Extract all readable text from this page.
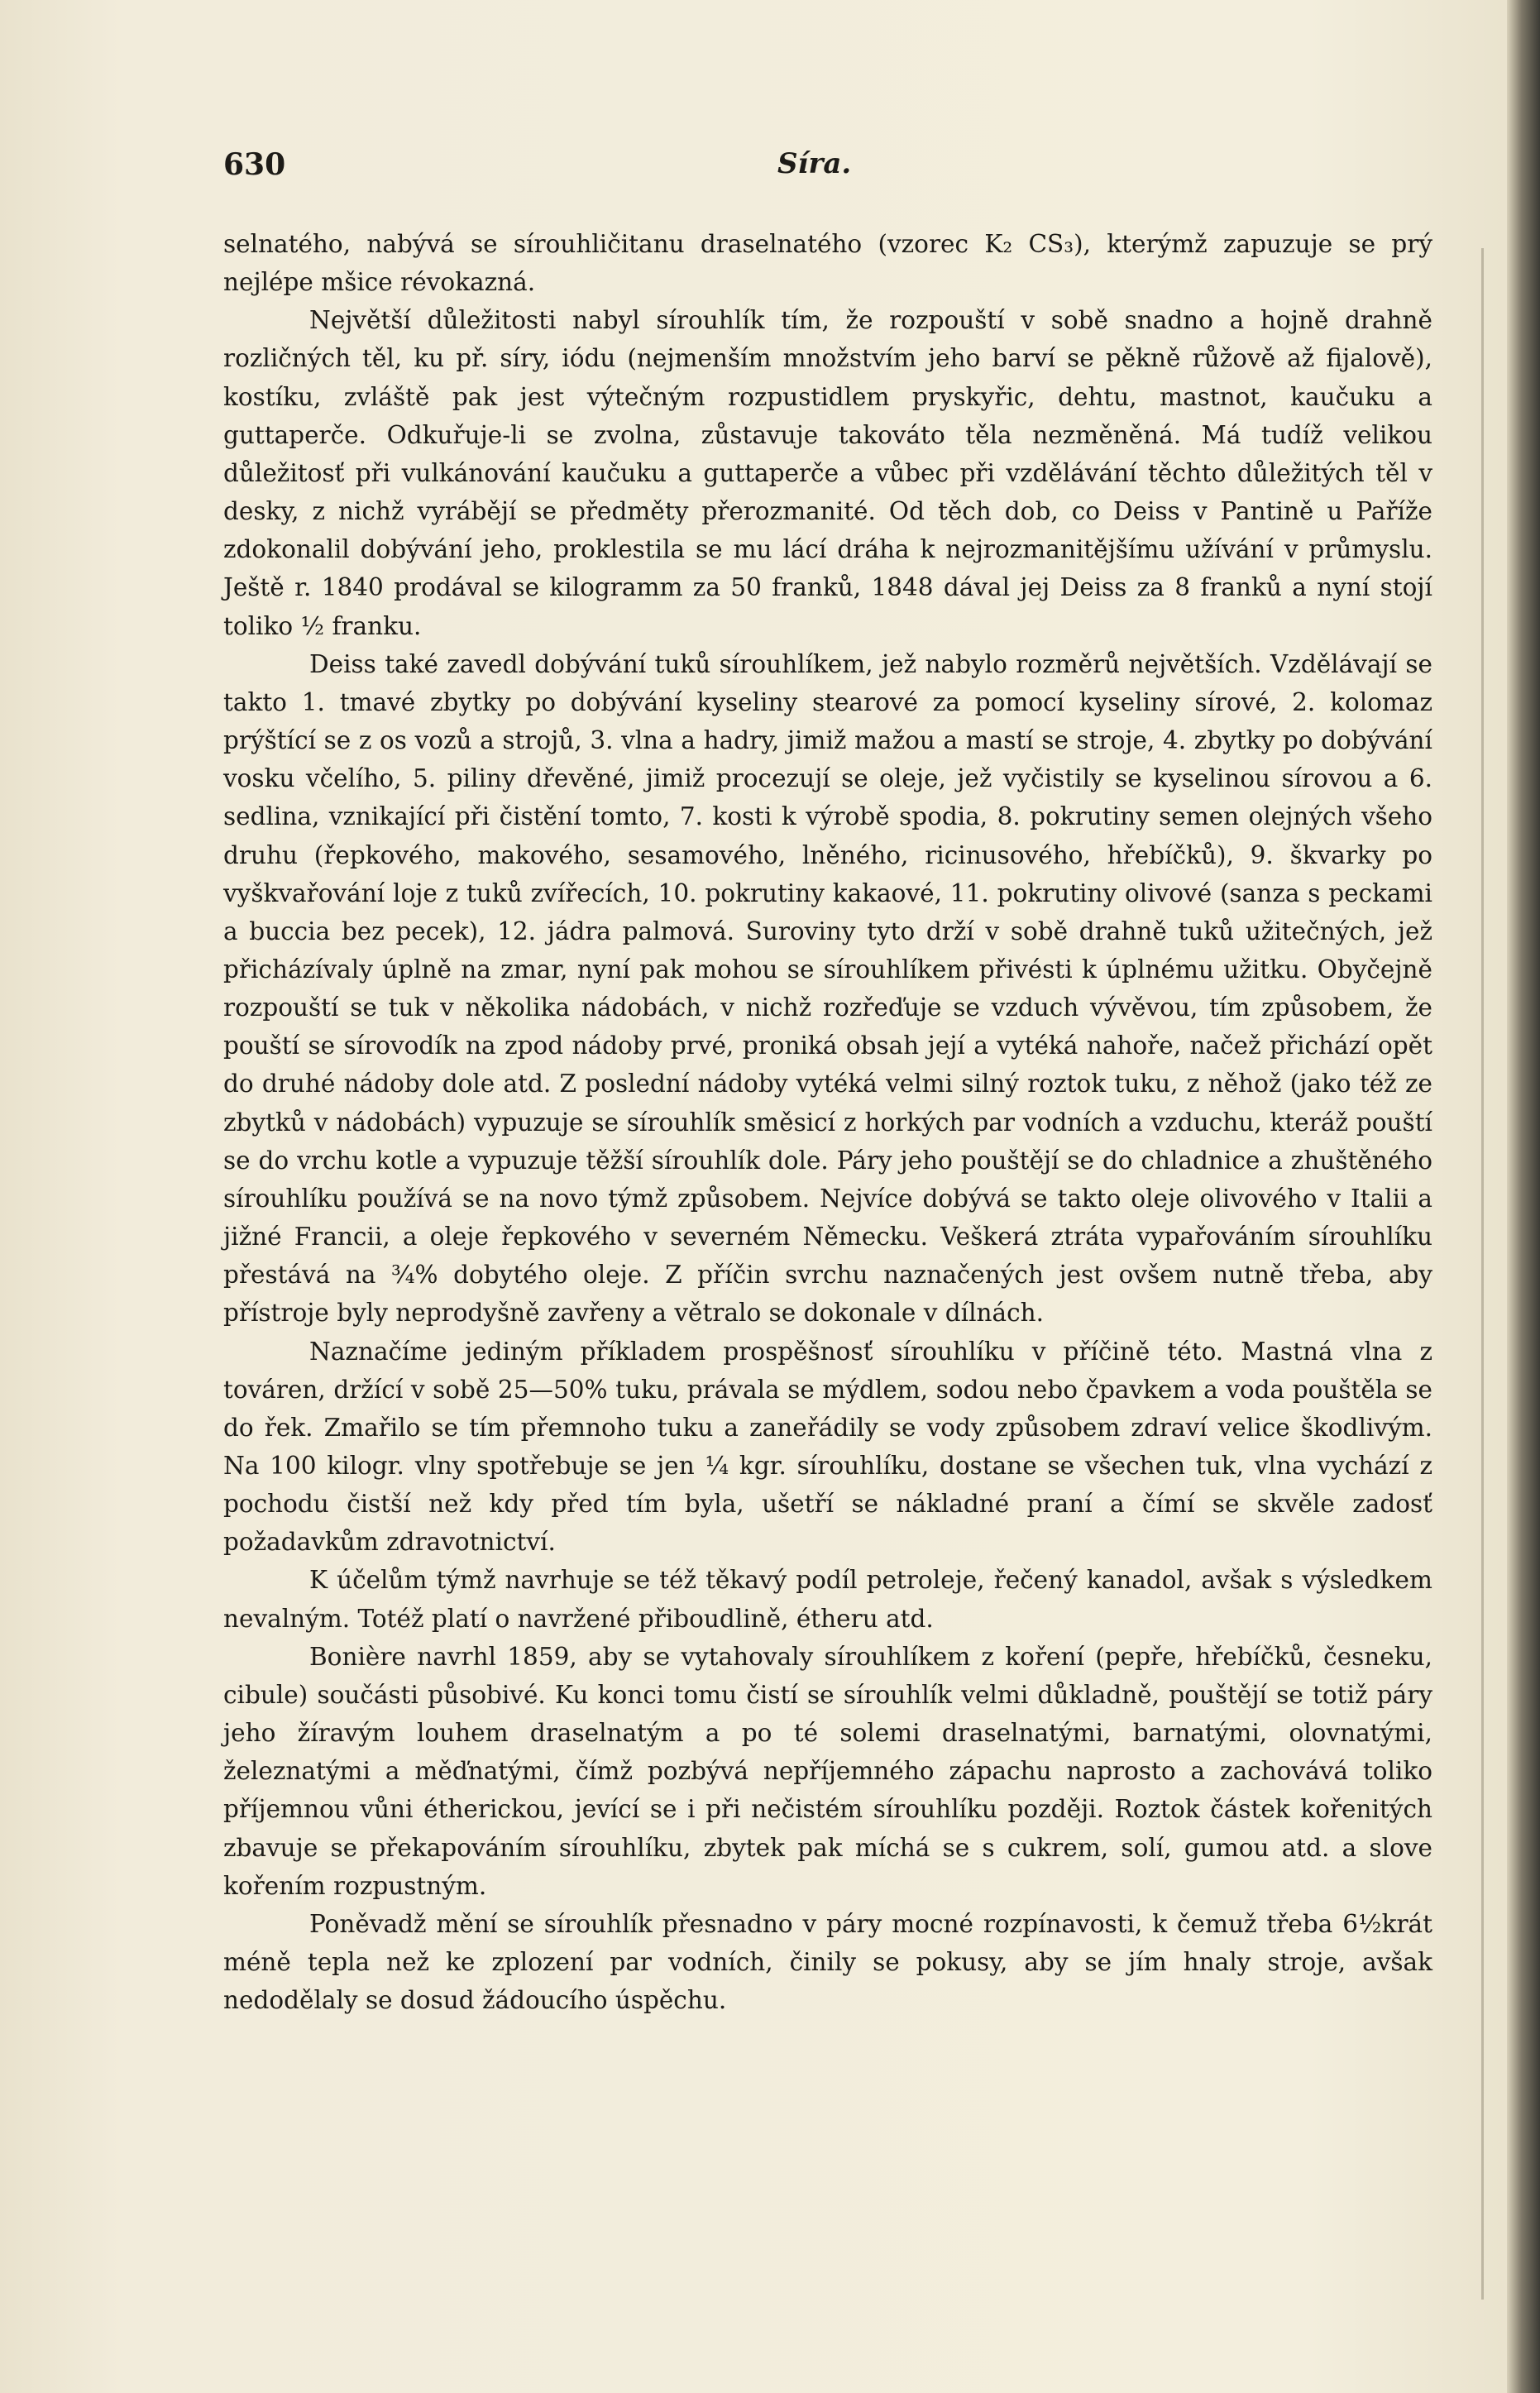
630	Síra.

selnatého, nabývá se sírouhličitanu draselnatého (vzorec K₂ CS₃), kterýmž zapuzuje se prý nejlépe mšice révokazná.

Největší důležitosti nabyl sírouhlík tím, že rozpouští v sobě snadno a hojně drahně rozličných těl, ku př. síry, iódu (nejmenším množstvím jeho barví se pěkně růžově až fijalově), kostíku, zvláště pak jest výtečným rozpustidlem pryskyřic, dehtu, mastnot, kaučuku a guttaperče. Odkuřuje-li se zvolna, zůstavuje takováto těla nezměněná. Má tudíž velikou důležitosť při vulkánování kaučuku a guttaperče a vůbec při vzdělávání těchto důležitých těl v desky, z nichž vyrábějí se předměty přerozmanité. Od těch dob, co Deiss v Pantině u Paříže zdokonalil dobývání jeho, proklestila se mu lácí dráha k nejrozmanitějšímu užívání v průmyslu. Ještě r. 1840 prodával se kilogramm za 50 franků, 1848 dával jej Deiss za 8 franků a nyní stojí toliko ½ franku.

Deiss také zavedl dobývání tuků sírouhlíkem, jež nabylo rozměrů největších. Vzdělávají se takto 1. tmavé zbytky po dobývání kyseliny stearové za pomocí kyseliny sírové, 2. kolomaz prýštící se z os vozů a strojů, 3. vlna a hadry, jimiž mažou a mastí se stroje, 4. zbytky po dobývání vosku včelího, 5. piliny dřevěné, jimiž procezují se oleje, jež vyčistily se kyselinou sírovou a 6. sedlina, vznikající při čistění tomto, 7. kosti k výrobě spodia, 8. pokrutiny semen olejných všeho druhu (řepkového, makového, sesamového, lněného, ricinusového, hřebíčků), 9. škvarky po vyškvařování loje z tuků zvířecích, 10. pokrutiny kakaové, 11. pokrutiny olivové (sanza s peckami a buccia bez pecek), 12. jádra palmová. Suroviny tyto drží v sobě drahně tuků užitečných, jež přicházívaly úplně na zmar, nyní pak mohou se sírouhlíkem přivésti k úplnému užitku. Obyčejně rozpouští se tuk v několika nádobách, v nichž rozřeďuje se vzduch vývěvou, tím způsobem, že pouští se sírovodík na zpod nádoby prvé, proniká obsah její a vytéká nahoře, načež přichází opět do druhé nádoby dole atd. Z poslední nádoby vytéká velmi silný roztok tuku, z něhož (jako též ze zbytků v nádobách) vypuzuje se sírouhlík směsicí z horkých par vodních a vzduchu, kteráž pouští se do vrchu kotle a vypuzuje těžší sírouhlík dole. Páry jeho pouštějí se do chladnice a zhuštěného sírouhlíku používá se na novo týmž způsobem. Nejvíce dobývá se takto oleje olivového v Italii a jižné Francii, a oleje řepkového v severném Německu. Veškerá ztráta vypařováním sírouhlíku přestává na ¾% dobytého oleje. Z příčin svrchu naznačených jest ovšem nutně třeba, aby přístroje byly neprodyšně zavřeny a větralo se dokonale v dílnách.

Naznačíme jediným příkladem prospěšnosť sírouhlíku v příčině této. Mastná vlna z továren, držící v sobě 25—50% tuku, právala se mýdlem, sodou nebo čpavkem a voda pouštěla se do řek. Zmařilo se tím přemnoho tuku a zaneřádily se vody způsobem zdraví velice škodlivým. Na 100 kilogr. vlny spotřebuje se jen ¼ kgr. sírouhlíku, dostane se všechen tuk, vlna vychází z pochodu čistší než kdy před tím byla, ušetří se nákladné praní a čímí se skvěle zadosť požadavkům zdravotnictví.

K účelům týmž navrhuje se též těkavý podíl petroleje, řečený kanadol, avšak s výsledkem nevalným. Totéž platí o navržené přiboudlině, étheru atd.

Bonière navrhl 1859, aby se vytahovaly sírouhlíkem z koření (pepře, hřebíčků, česneku, cibule) součásti působivé. Ku konci tomu čistí se sírouhlík velmi důkladně, pouštějí se totiž páry jeho žíravým louhem draselnatým a po té solemi draselnatými, barnatými, olovnatými, železnatými a měďnatými, čímž pozbývá nepříjemného zápachu naprosto a zachovává toliko příjemnou vůni étherickou, jevící se i při nečistém sírouhlíku později. Roztok částek kořenitých zbavuje se překapováním sírouhlíku, zbytek pak míchá se s cukrem, solí, gumou atd. a slove kořením rozpustným.

Poněvadž mění se sírouhlík přesnadno v páry mocné rozpínavosti, k čemuž třeba 6½krát méně tepla než ke zplození par vodních, činily se pokusy, aby se jím hnaly stroje, avšak nedodělaly se dosud žádoucího úspěchu.
